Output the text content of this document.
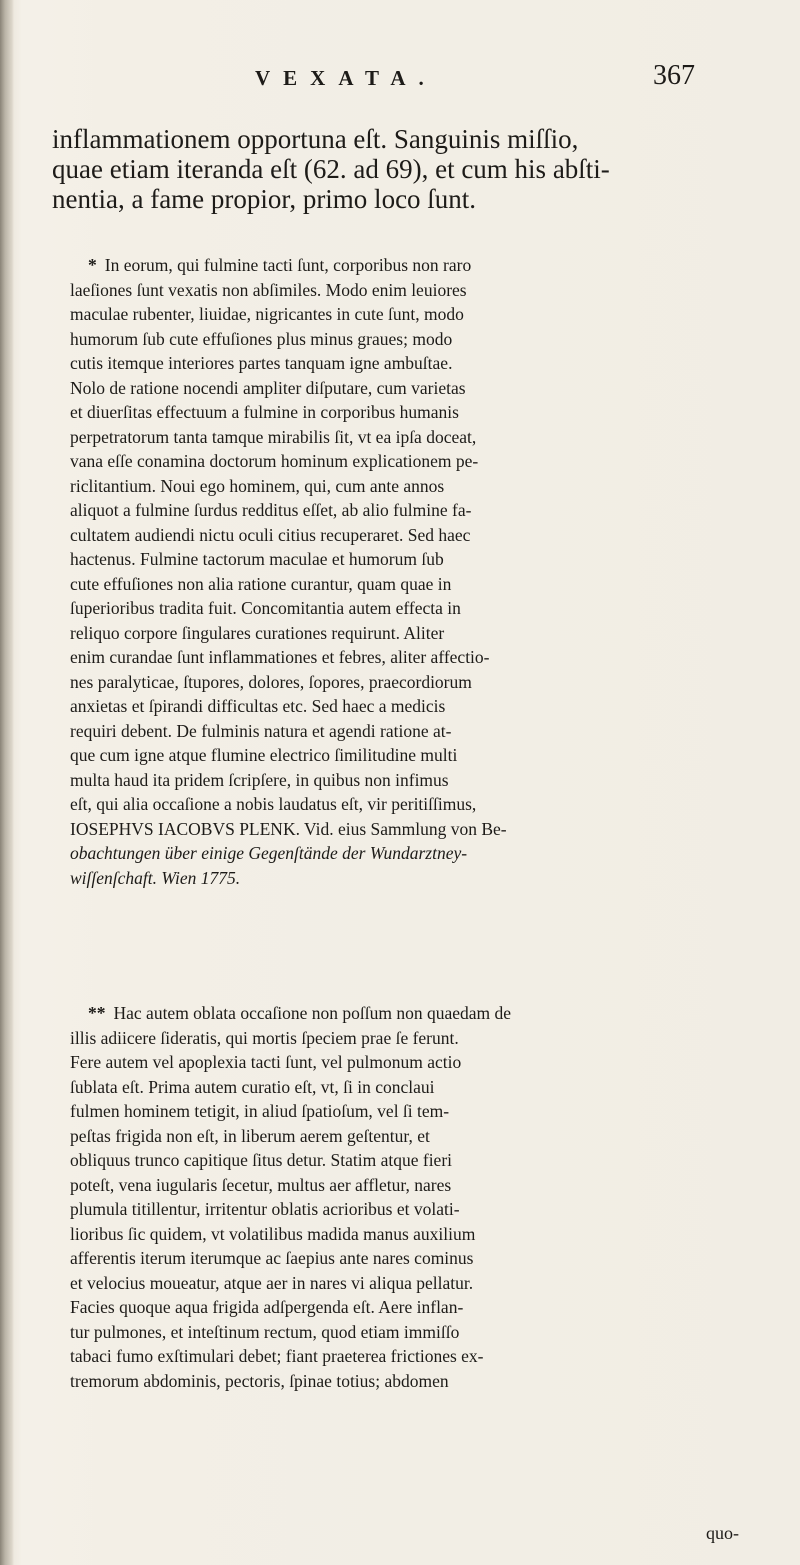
VEXATA.	367

inflammationem opportuna eſt. Sanguinis miſſio,

quae etiam iteranda eſt (62. ad 69), et cum his abſti-

nentia, a fame propior, primo loco ſunt.

* In eorum, qui fulmine tacti ſunt, corporibus non raro
laeſiones ſunt vexatis non abſimiles. Modo enim leuiores
maculae rubenter, liuidae, nigricantes in cute ſunt, modo
humorum ſub cute effuſiones plus minus graues; modo
cutis itemque interiores partes tanquam igne ambuſtae.
Nolo de ratione nocendi ampliter diſputare, cum varietas
et diuerſitas effectuum a fulmine in corporibus humanis
perpetratorum tanta tamque mirabilis ſit, vt ea ipſa doceat,
vana eſſe conamina doctorum hominum explicationem pe-
riclitantium. Noui ego hominem, qui, cum ante annos
aliquot a fulmine ſurdus redditus eſſet, ab alio fulmine fa-
cultatem audiendi nictu oculi citius recuperaret. Sed haec
hactenus. Fulmine tactorum maculae et humorum ſub
cute effuſiones non alia ratione curantur, quam quae in
ſuperioribus tradita fuit. Concomitantia autem effecta in
reliquo corpore ſingulares curationes requirunt. Aliter
enim curandae ſunt inflammationes et febres, aliter affectio-
nes paralyticae, ſtupores, dolores, ſopores, praecordiorum
anxietas et ſpirandi difficultas etc. Sed haec a medicis
requiri debent. De fulminis natura et agendi ratione at-
que cum igne atque flumine electrico ſimilitudine multi
multa haud ita pridem ſcripſere, in quibus non infimus
eſt, qui alia occaſione a nobis laudatus eſt, vir peritiſſimus,
IOSEPHVS IACOBVS PLENK. Vid. eius Sammlung von Be-
obachtungen über einige Gegenſtände der Wundarztney-
wiſſenſchaft. Wien 1775.
** Hac autem oblata occaſione non poſſum non quaedam de
illis adiicere ſideratis, qui mortis ſpeciem prae ſe ferunt.
Fere autem vel apoplexia tacti ſunt, vel pulmonum actio
ſublata eſt. Prima autem curatio eſt, vt, ſi in conclaui
fulmen hominem tetigit, in aliud ſpatioſum, vel ſi tem-
peſtas frigida non eſt, in liberum aerem geſtentur, et
obliquus trunco capitique ſitus detur. Statim atque fieri
poteſt, vena iugularis ſecetur, multus aer affletur, nares
plumula titillentur, irritentur oblatis acrioribus et volati-
lioribus ſic quidem, vt volatilibus madida manus auxilium
afferentis iterum iterumque ac ſaepius ante nares cominus
et velocius moueatur, atque aer in nares vi aliqua pellatur.
Facies quoque aqua frigida adſpergenda eſt. Aere inflan-
tur pulmones, et inteſtinum rectum, quod etiam immiſſo
tabaci fumo exſtimulari debet; fiant praeterea frictiones ex-
tremorum abdominis, pectoris, ſpinae totius; abdomen
quo-
